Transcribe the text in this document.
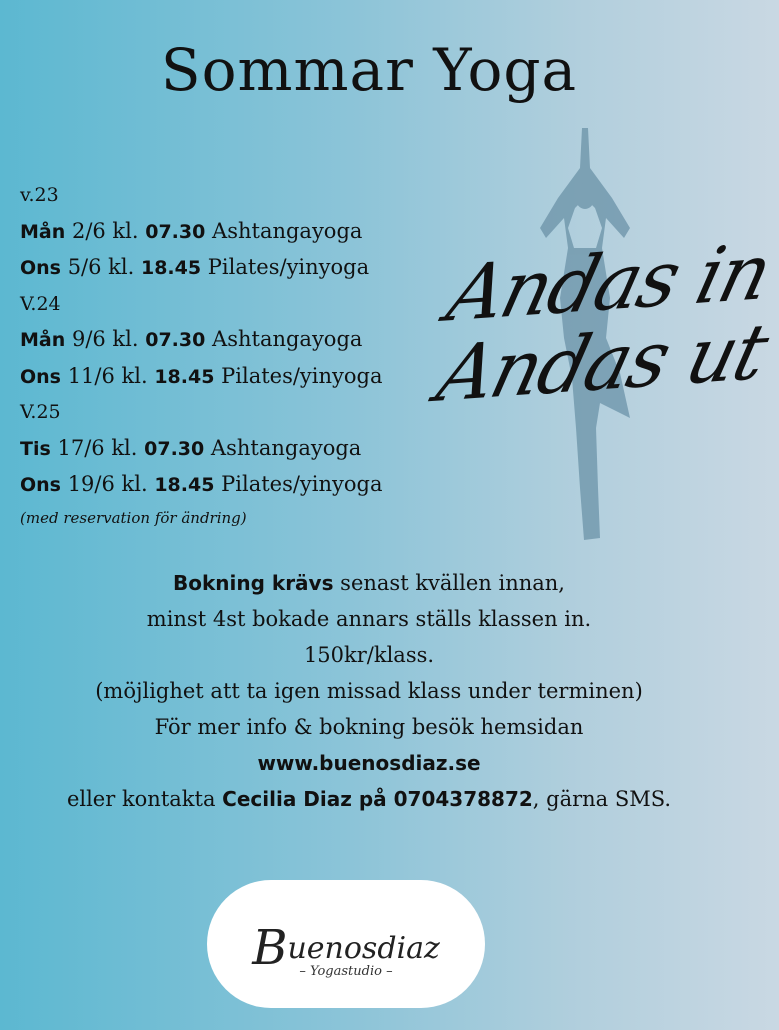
Sommar Yoga
Andas in
Andas ut
v.23
Mån 2/6 kl. 07.30 Ashtangayoga
Ons 5/6 kl. 18.45 Pilates/yinyoga
V.24
Mån 9/6 kl. 07.30 Ashtangayoga
Ons 11/6 kl. 18.45 Pilates/yinyoga
V.25
Tis 17/6 kl. 07.30 Ashtangayoga
Ons 19/6 kl. 18.45 Pilates/yinyoga
(med reservation för ändring)
Bokning krävs senast kvällen innan,
minst 4st bokade annars ställs klassen in.
150kr/klass.
(möjlighet att ta igen missad klass under terminen)
För mer info & bokning besök hemsidan
www.buenosdiaz.se
eller kontakta Cecilia Diaz på 0704378872, gärna SMS.
Buenosdiaz
– Yogastudio –
